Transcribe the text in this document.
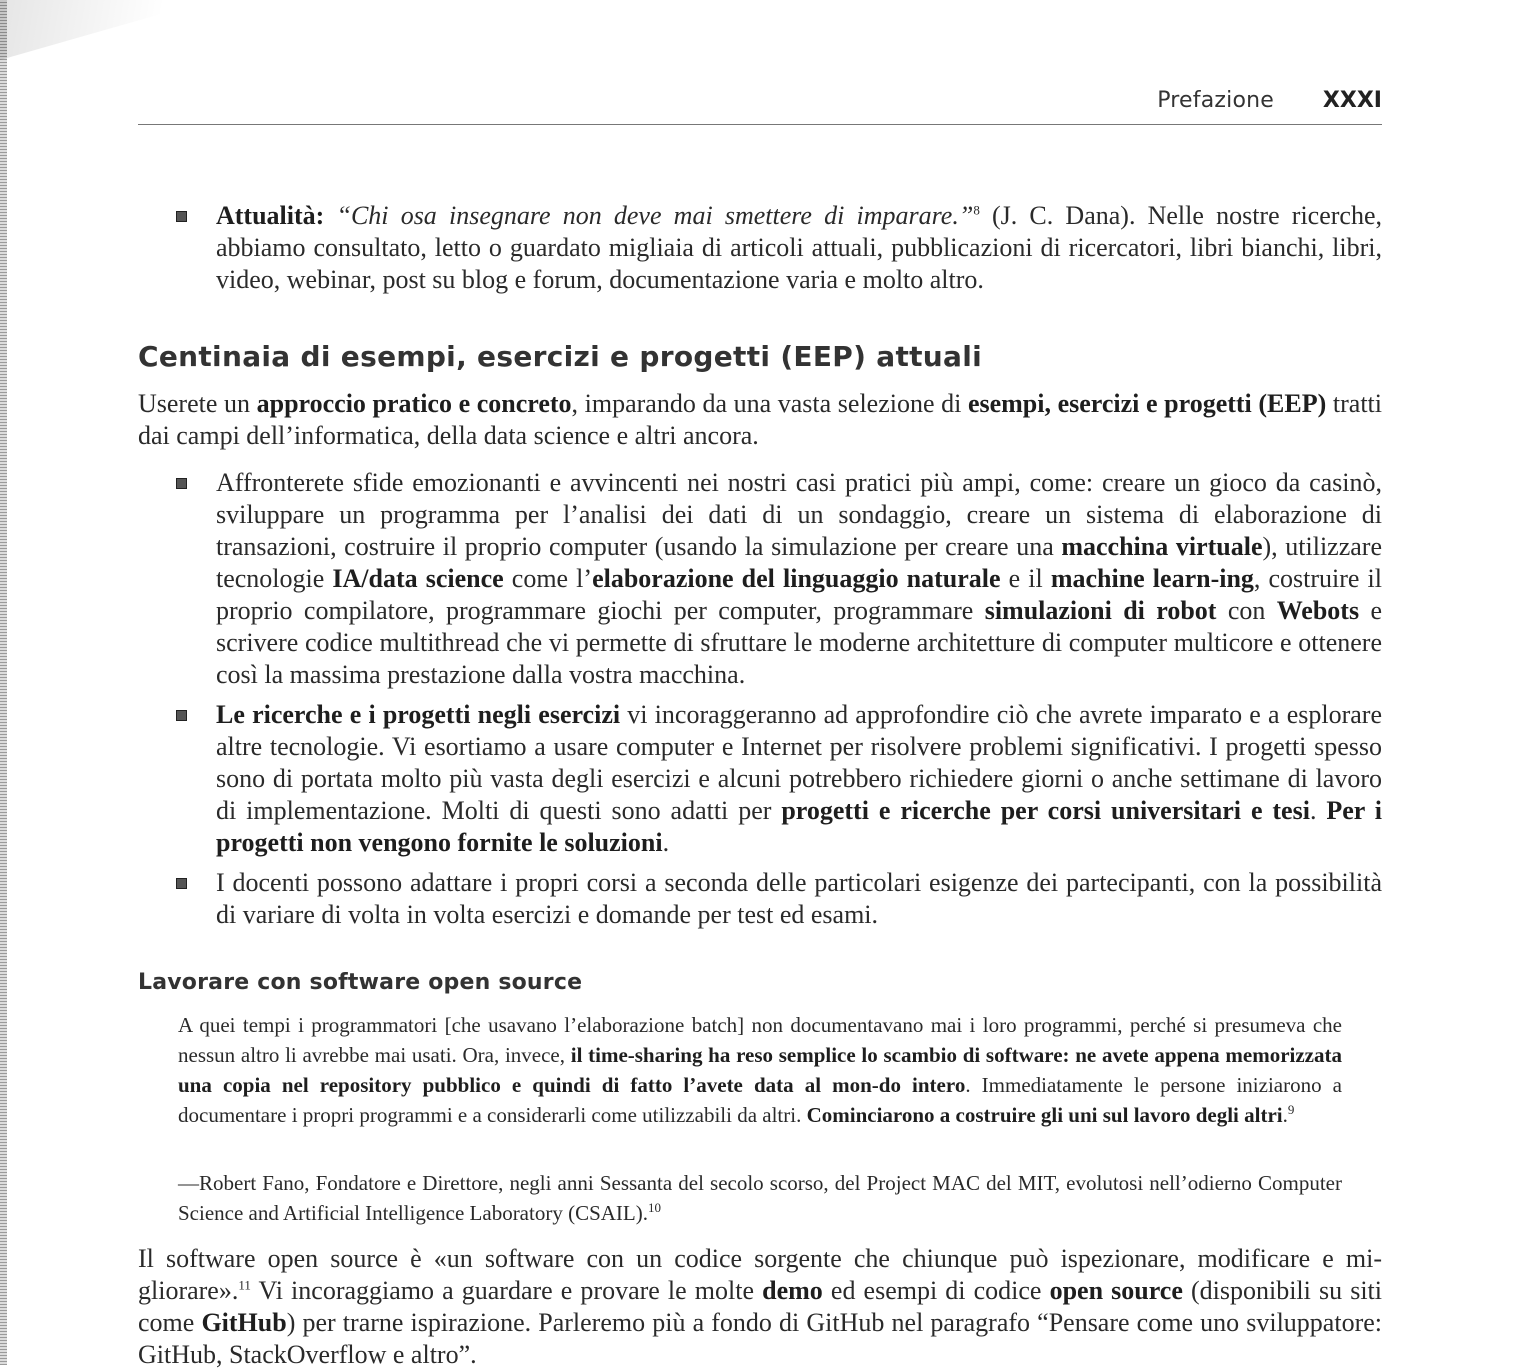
Prefazione XXXI

Attualità: “Chi osa insegnare non deve mai smettere di imparare.”$^8$ (J. C. Dana). Nelle nostre ricerche, abbiamo consultato, letto o guardato migliaia di articoli attuali, pubblicazioni di ricercatori, libri bianchi, libri, video, webinar, post su blog e forum, documentazione varia e molto altro.

Centinaia di esempi, esercizi e progetti (EEP) attuali

Userete un approccio pratico e concreto, imparando da una vasta selezione di esempi, esercizi e progetti (EEP) tratti dai campi dell’informatica, della data science e altri ancora.

Affronterete sfide emozionanti e avvincenti nei nostri casi pratici più ampi, come: creare un gioco da casinò, sviluppare un programma per l’analisi dei dati di un sondaggio, creare un sistema di elaborazione di transazioni, costruire il proprio computer (usando la simulazione per creare una macchina virtuale), utilizzare tecnologie IA/data science come l’elaborazione del linguaggio naturale e il machine learn-ing, costruire il proprio compilatore, programmare giochi per computer, programmare simulazioni di robot con Webots e scrivere codice multithread che vi permette di sfruttare le moderne architetture di computer multicore e ottenere così la massima prestazione dalla vostra macchina.

Le ricerche e i progetti negli esercizi vi incoraggeranno ad approfondire ciò che avrete imparato e a esplorare altre tecnologie. Vi esortiamo a usare computer e Internet per risolvere problemi significativi. I progetti spesso sono di portata molto più vasta degli esercizi e alcuni potrebbero richiedere giorni o anche settimane di lavoro di implementazione. Molti di questi sono adatti per progetti e ricerche per corsi universitari e tesi. Per i progetti non vengono fornite le soluzioni.

I docenti possono adattare i propri corsi a seconda delle particolari esigenze dei partecipanti, con la possibilità di variare di volta in volta esercizi e domande per test ed esami.

Lavorare con software open source

A quei tempi i programmatori [che usavano l’elaborazione batch] non documentavano mai i loro programmi, perché si presumeva che nessun altro li avrebbe mai usati. Ora, invece, il time-sharing ha reso semplice lo scambio di software: ne avete appena memorizzata una copia nel repository pubblico e quindi di fatto l’avete data al mon-do intero. Immediatamente le persone iniziarono a documentare i propri programmi e a considerarli come utilizzabili da altri. Cominciarono a costruire gli uni sul lavoro degli altri.$^9$

—Robert Fano, Fondatore e Direttore, negli anni Sessanta del secolo scorso, del Project MAC del MIT, evolutosi nell’odierno Computer Science and Artificial Intelligence Laboratory (CSAIL).$^{10}$

Il software open source è «un software con un codice sorgente che chiunque può ispezionare, modificare e mi-gliorare».$^{11}$ Vi incoraggiamo a guardare e provare le molte demo ed esempi di codice open source (disponibili su siti come GitHub) per trarne ispirazione. Parleremo più a fondo di GitHub nel paragrafo “Pensare come uno sviluppatore: GitHub, StackOverflow e altro”.
